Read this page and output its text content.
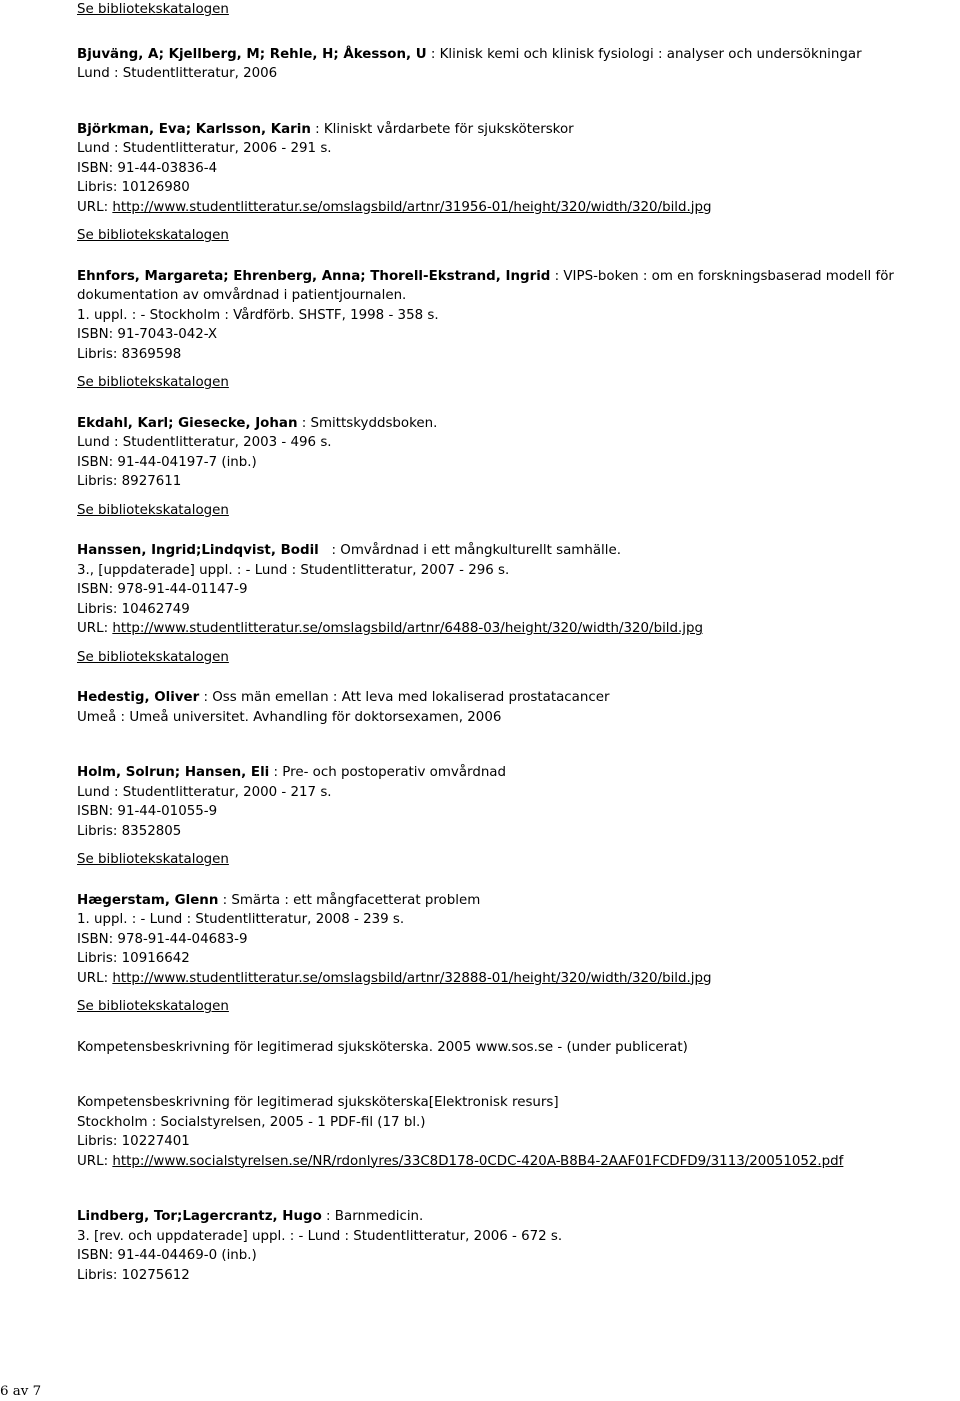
Se bibliotekskatalogen
Bjuväng, A; Kjellberg, M; Rehle, H; Åkesson, U : Klinisk kemi och klinisk fysiologi : analyser och undersökningar
Lund : Studentlitteratur, 2006
Björkman, Eva; Karlsson, Karin : Kliniskt vårdarbete för sjuksköterskor
Lund : Studentlitteratur, 2006 - 291 s.
ISBN: 91-44-03836-4
Libris: 10126980
URL: http://www.studentlitteratur.se/omslagsbild/artnr/31956-01/height/320/width/320/bild.jpg
Se bibliotekskatalogen
Ehnfors, Margareta; Ehrenberg, Anna; Thorell-Ekstrand, Ingrid : VIPS-boken : om en forskningsbaserad modell för dokumentation av omvårdnad i patientjournalen.
1. uppl. : - Stockholm : Vårdförb. SHSTF, 1998 - 358 s.
ISBN: 91-7043-042-X
Libris: 8369598
Se bibliotekskatalogen
Ekdahl, Karl; Giesecke, Johan : Smittskyddsboken.
Lund : Studentlitteratur, 2003 - 496 s.
ISBN: 91-44-04197-7 (inb.)
Libris: 8927611
Se bibliotekskatalogen
Hanssen, Ingrid;Lindqvist, Bodil   : Omvårdnad i ett mångkulturellt samhälle.
3., [uppdaterade] uppl. : - Lund : Studentlitteratur, 2007 - 296 s.
ISBN: 978-91-44-01147-9
Libris: 10462749
URL: http://www.studentlitteratur.se/omslagsbild/artnr/6488-03/height/320/width/320/bild.jpg
Se bibliotekskatalogen
Hedestig, Oliver : Oss män emellan : Att leva med lokaliserad prostatacancer
Umeå : Umeå universitet. Avhandling för doktorsexamen, 2006
Holm, Solrun; Hansen, Eli : Pre- och postoperativ omvårdnad
Lund : Studentlitteratur, 2000 - 217 s.
ISBN: 91-44-01055-9
Libris: 8352805
Se bibliotekskatalogen
Hægerstam, Glenn : Smärta : ett mångfacetterat problem
1. uppl. : - Lund : Studentlitteratur, 2008 - 239 s.
ISBN: 978-91-44-04683-9
Libris: 10916642
URL: http://www.studentlitteratur.se/omslagsbild/artnr/32888-01/height/320/width/320/bild.jpg
Se bibliotekskatalogen
Kompetensbeskrivning för legitimerad sjuksköterska. 2005 www.sos.se - (under publicerat)
Kompetensbeskrivning för legitimerad sjuksköterska[Elektronisk resurs]
Stockholm : Socialstyrelsen, 2005 - 1 PDF-fil (17 bl.)
Libris: 10227401
URL: http://www.socialstyrelsen.se/NR/rdonlyres/33C8D178-0CDC-420A-B8B4-2AAF01FCDFD9/3113/20051052.pdf
Lindberg, Tor;Lagercrantz, Hugo : Barnmedicin.
3. [rev. och uppdaterade] uppl. : - Lund : Studentlitteratur, 2006 - 672 s.
ISBN: 91-44-04469-0 (inb.)
Libris: 10275612
6 av 7
